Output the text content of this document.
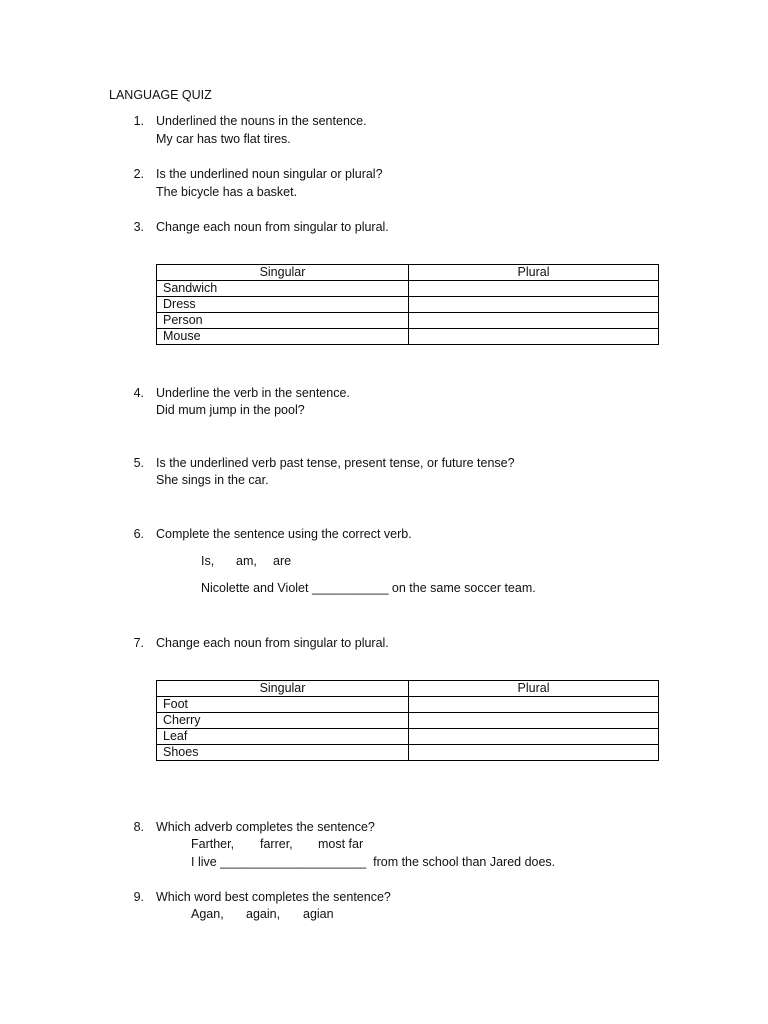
LANGUAGE QUIZ
1. Underlined the nouns in the sentence.
My car has two flat tires.
2. Is the underlined noun singular or plural?
The bicycle has a basket.
3. Change each noun from singular to plural.
Singular	Plural
Sandwich	
Dress	
Person	
Mouse	
4. Underline the verb in the sentence.
Did mum jump in the pool?
5. Is the underlined verb past tense, present tense, or future tense?
She sings in the car.
6. Complete the sentence using the correct verb.
Is, am, are
Nicolette and Violet ___________ on the same soccer team.
7. Change each noun from singular to plural.
Singular	Plural
Foot	
Cherry	
Leaf	
Shoes	
8. Which adverb completes the sentence?
Farther, farrer, most far
I live _____________________  from the school than Jared does.
9. Which word best completes the sentence?
Agan, again, agian
